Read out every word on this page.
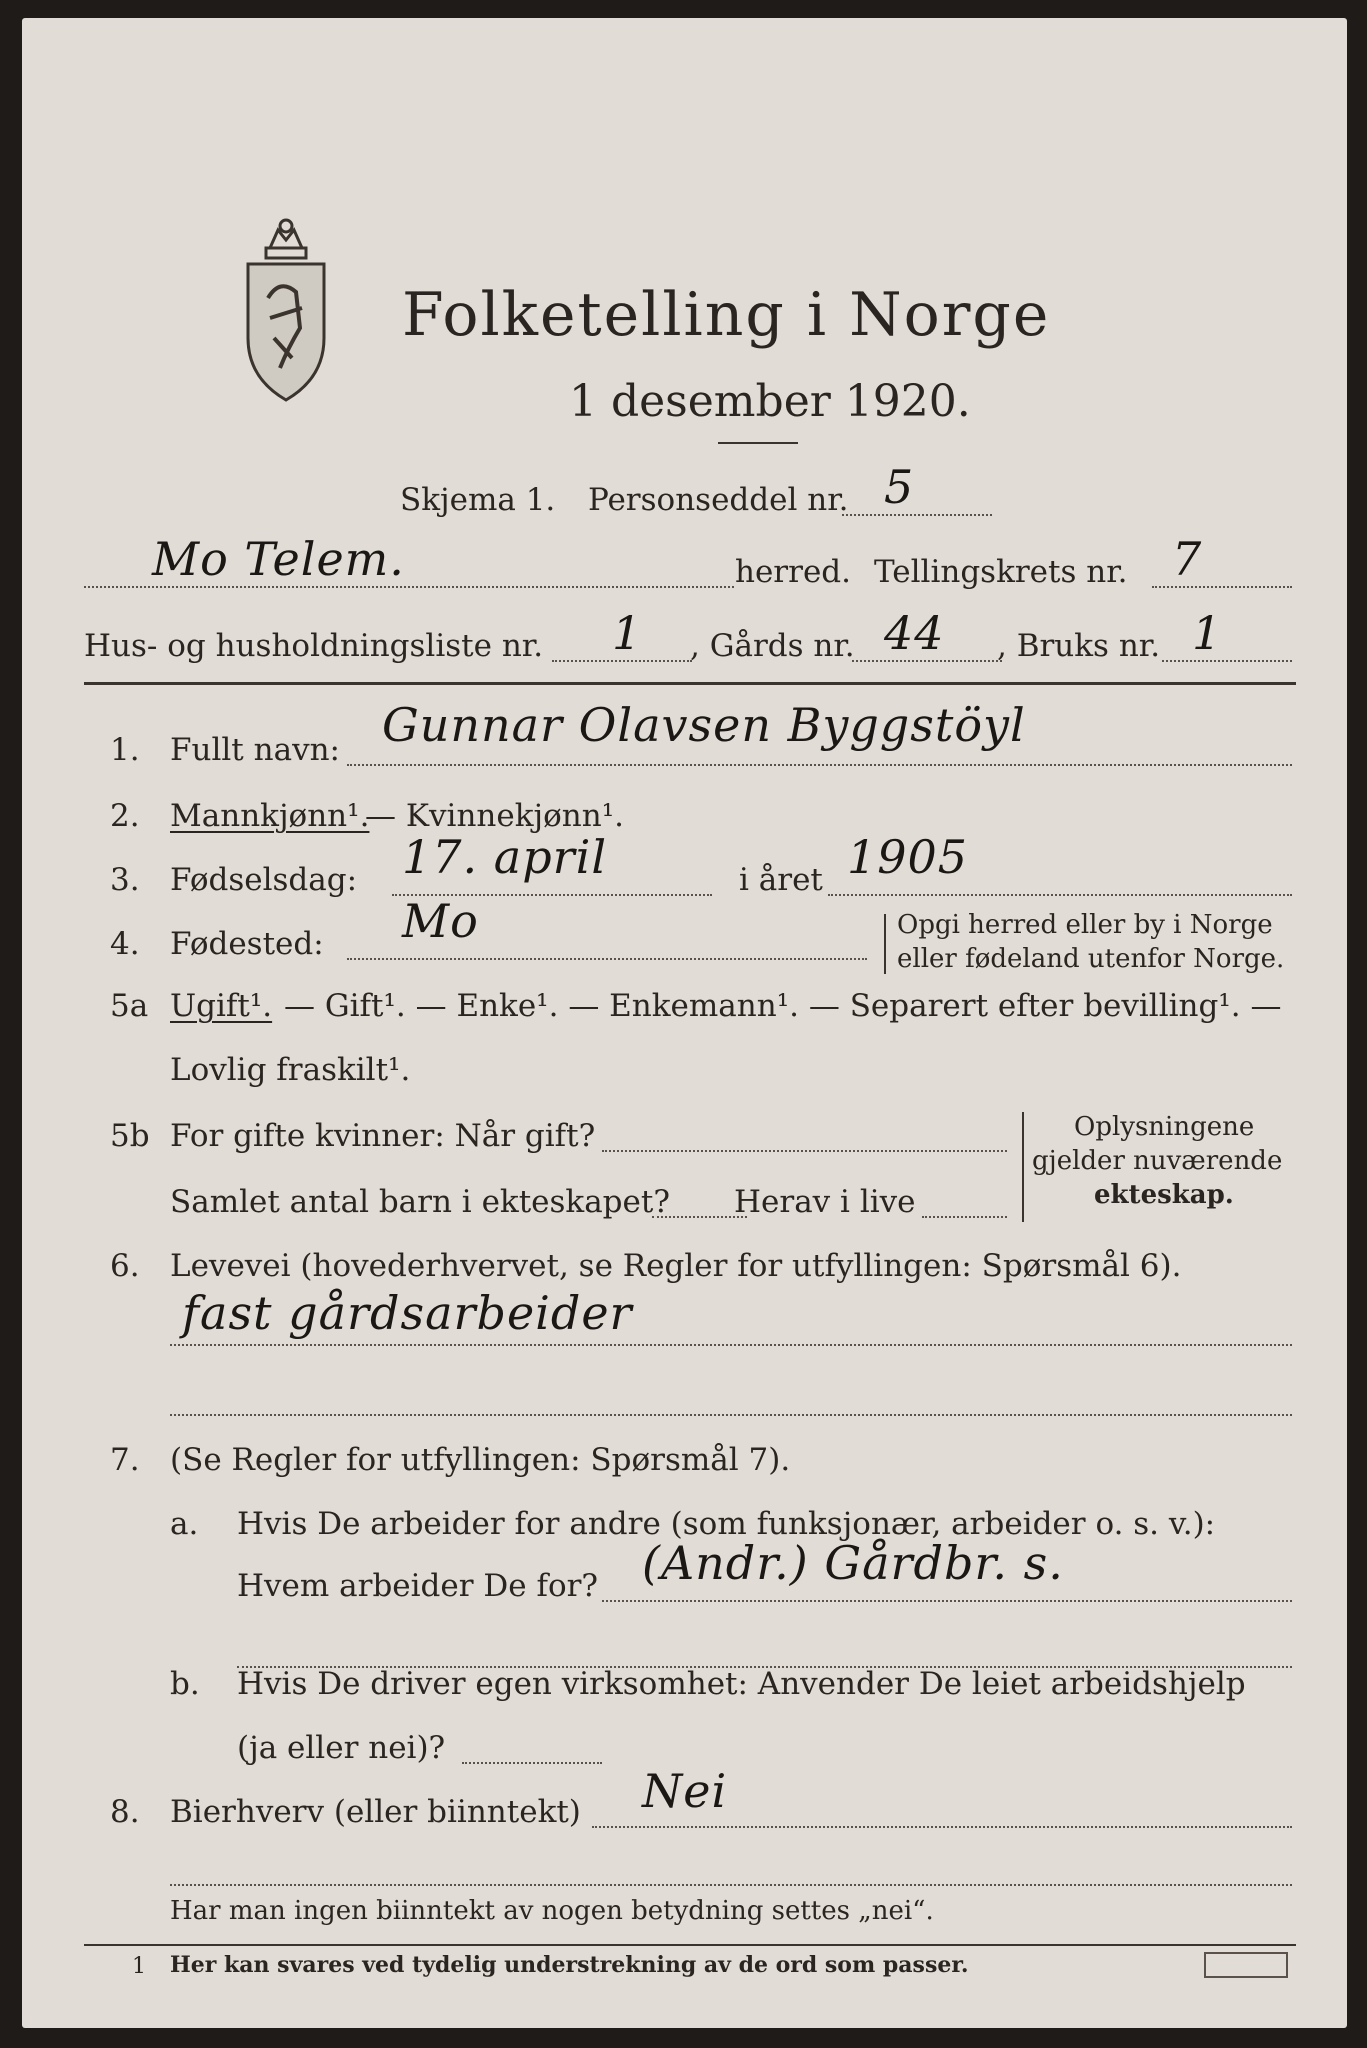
Folketelling i Norge
1 desember 1920.
Skjema 1. Personseddel nr. 5
Mo Telem.	herred. Tellingskrets nr. 7
Hus- og husholdningsliste nr. 1 , Gårds nr. 44 , Bruks nr. 1
1. Fullt navn: Gunnar Olavsen Byggstöyl
2. Mannkjønn¹.
— Kvinnekjønn¹.
3. Fødselsdag: 17. april	i året 1905
4. Fødested: Mo	Opgi herred eller by i Norge
eller fødeland utenfor Norge.
5a Ugift¹. — Gift¹. — Enke¹. — Enkemann¹. — Separert efter bevilling¹. —
Lovlig fraskilt¹.
5b For gifte kvinner: Når gift?
Samlet antal barn i ekteskapet? Herav i live
Oplysningene
gjelder nuværende
ekteskap.
6. Levevei (hovederhvervet, se Regler for utfyllingen: Spørsmål 6).
fast gårdsarbeider
7. (Se Regler for utfyllingen: Spørsmål 7).
a. Hvis De arbeider for andre (som funksjonær, arbeider o. s. v.):
Hvem arbeider De for? (Andr.) Gårdbr. s.
b. Hvis De driver egen virksomhet: Anvender De leiet arbeidshjelp
(ja eller nei)?
8. Bierhverv (eller biinntekt) Nei
Har man ingen biinntekt av nogen betydning settes „nei“.
1 Her kan svares ved tydelig understrekning av de ord som passer.
